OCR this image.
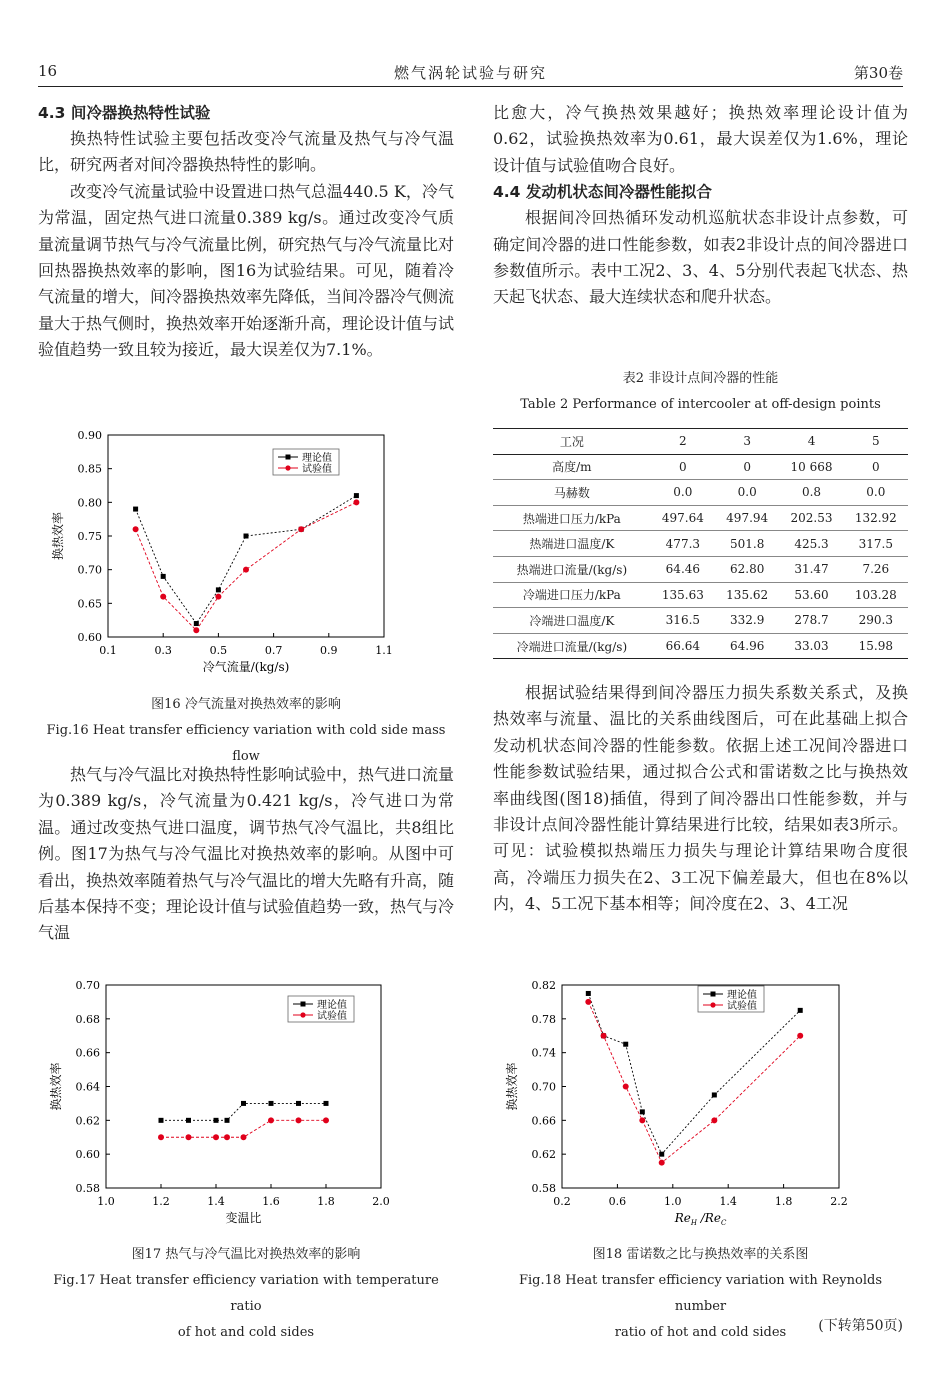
16	燃气涡轮试验与研究	第30卷
4.3 间冷器换热特性试验

换热特性试验主要包括改变冷气流量及热气与冷气温比，研究两者对间冷器换热特性的影响。

改变冷气流量试验中设置进口热气总温440.5 K，冷气为常温，固定热气进口流量0.389 kg/s。通过改变冷气质量流量调节热气与冷气流量比例，研究热气与冷气流量比对回热器换热效率的影响，图16为试验结果。可见，随着冷气流量的增大，间冷器换热效率先降低，当间冷器冷气侧流量大于热气侧时，换热效率开始逐渐升高，理论设计值与试验值趋势一致且较为接近，最大误差仅为7.1%。

0.1	0.3	0.5	0.7	0.9	1.1
0.60
0.65
0.70
0.75
0.80
0.85
0.90
冷气流量/(kg/s)
换热效率
理论值
试验值
图16 冷气流量对换热效率的影响
Fig.16 Heat transfer efficiency variation with cold side mass flow

热气与冷气温比对换热特性影响试验中，热气进口流量为0.389 kg/s，冷气流量为0.421 kg/s，冷气进口为常温。通过改变热气进口温度，调节热气冷气温比，共8组比例。图17为热气与冷气温比对换热效率的影响。从图中可看出，换热效率随着热气与冷气温比的增大先略有升高，随后基本保持不变；理论设计值与试验值趋势一致，热气与冷气温

1.0	1.2	1.4	1.6	1.8	2.0
0.58
0.60
0.62
0.64
0.66
0.68
0.70
变温比
换热效率
理论值
试验值
图17 热气与冷气温比对换热效率的影响
Fig.17 Heat transfer efficiency variation with temperature ratio
of hot and cold sides

比愈大，冷气换热效果越好；换热效率理论设计值为0.62，试验换热效率为0.61，最大误差仅为1.6%，理论设计值与试验值吻合良好。

4.4 发动机状态间冷器性能拟合

根据间冷回热循环发动机巡航状态非设计点参数，可确定间冷器的进口性能参数，如表2非设计点的间冷器进口参数值所示。表中工况2、3、4、5分别代表起飞状态、热天起飞状态、最大连续状态和爬升状态。

表2 非设计点间冷器的性能
Table 2 Performance of intercooler at off-design points
工况	2	3	4	5
高度/m	0	0	10 668	0
马赫数	0.0	0.0	0.8	0.0
热端进口压力/kPa	497.64	497.94	202.53	132.92
热端进口温度/K	477.3	501.8	425.3	317.5
热端进口流量/(kg/s)	64.46	62.80	31.47	7.26
冷端进口压力/kPa	135.63	135.62	53.60	103.28
冷端进口温度/K	316.5	332.9	278.7	290.3
冷端进口流量/(kg/s)	66.64	64.96	33.03	15.98

根据试验结果得到间冷器压力损失系数关系式，及换热效率与流量、温比的关系曲线图后，可在此基础上拟合发动机状态间冷器的性能参数。依据上述工况间冷器进口性能参数试验结果，通过拟合公式和雷诺数之比与换热效率曲线图(图18)插值，得到了间冷器出口性能参数，并与非设计点间冷器性能计算结果进行比较，结果如表3所示。可见：试验模拟热端压力损失与理论计算结果吻合度很高，冷端压力损失在2、3工况下偏差最大，但也在8%以内，4、5工况下基本相等；间冷度在2、3、4工况

0.2	0.6	1.0	1.4	1.8	2.2
0.58
0.62
0.66
0.70
0.74
0.78
0.82
$Re_H$ $/Re_C$
换热效率
理论值
试验值
图18 雷诺数之比与换热效率的关系图
Fig.18 Heat transfer efficiency variation with Reynolds number
ratio of hot and cold sides	(下转第50页)
